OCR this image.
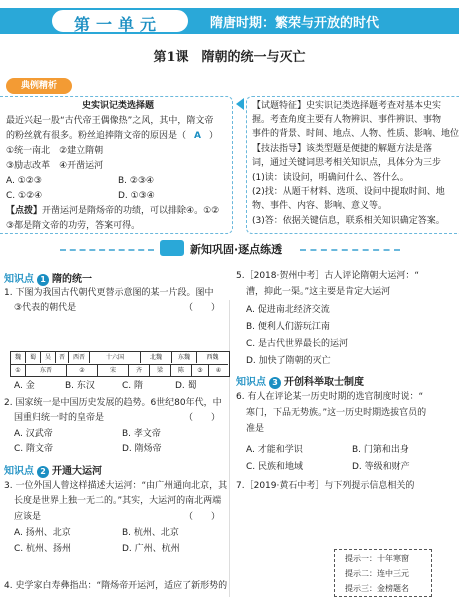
第一单元	隋唐时期：繁荣与开放的时代
第1课　隋朝的统一与灭亡
典例精析
史实识记类选择题
最近兴起一股“古代帝王偶像热”之风，其中，隋文帝
的粉丝就有很多。粉丝追捧隋文帝的原因是（ A ）
①统一南北　②建立隋朝
③励志改革　④开凿运河
A. ①②③	B. ②③④
C. ①②④	D. ①③④
【点拨】开凿运河是隋炀帝的功绩，可以排除④。①②
③都是隋文帝的功劳，答案可得。
【试题特征】史实识记类选择题考查对基本史实
握。考查角度主要有人物辨识、事件辨识、事物
事件的背景、时间、地点、人物、性质、影响、地位
【技法指导】该类型题是便捷的解题方法是落
词，通过关键词思考相关知识点，具体分为三步
(1)读：读设问，明确问什么、答什么。
(2)找：从题干材料、选项、设问中提取时间、地
物、事件、内容、影响、意义等。
(3)答：依据关键信息，联系相关知识确定答案。
新知巩固·逐点练透
知识点 1 隋的统一
1. 下图为我国古代朝代更替示意图的某一片段。图中
③代表的朝代是	（　　）
魏	蜀	吴	晋	西晋	十六国	北魏	东魏	西魏
①	东晋	②	宋	齐	梁	陈	③	④
A. 金	B. 东汉	C. 隋	D. 蜀
2. 国家统一是中国历史发展的趋势。6世纪80年代，中
国重归统一时的皇帝是	（　　）
A. 汉武帝	B. 孝文帝
C. 隋文帝	D. 隋炀帝
知识点 2 开通大运河
3. 一位外国人曾这样描述大运河：“由广州通向北京，其
长度是世界上独一无二的。”其实，大运河的南北两端
应该是	（　　）
A. 扬州、北京	B. 杭州、北京
C. 杭州、扬州	D. 广州、杭州
4. 史学家白寿彝指出：“隋炀帝开运河，适应了新形势的
5.［2018·贺州中考］古人评论隋朝大运河：“
漕，抑此一渠。”这主要是肯定大运河
A. 促进南北经济交流
B. 便利人们游玩江南
C. 是古代世界最长的运河
D. 加快了隋朝的灭亡
知识点 3 开创科举取士制度
6. 有人在评论某一历史时期的选官制度时说：“
寒门，下品无势族。”这一历史时期选拔官员的
准是
A. 才能和学识	B. 门第和出身
C. 民族和地域	D. 等级和财产
7.［2019·黄石中考］与下列提示信息相关的
提示一：十年寒窗
提示二：连中三元
提示三：金榜题名
